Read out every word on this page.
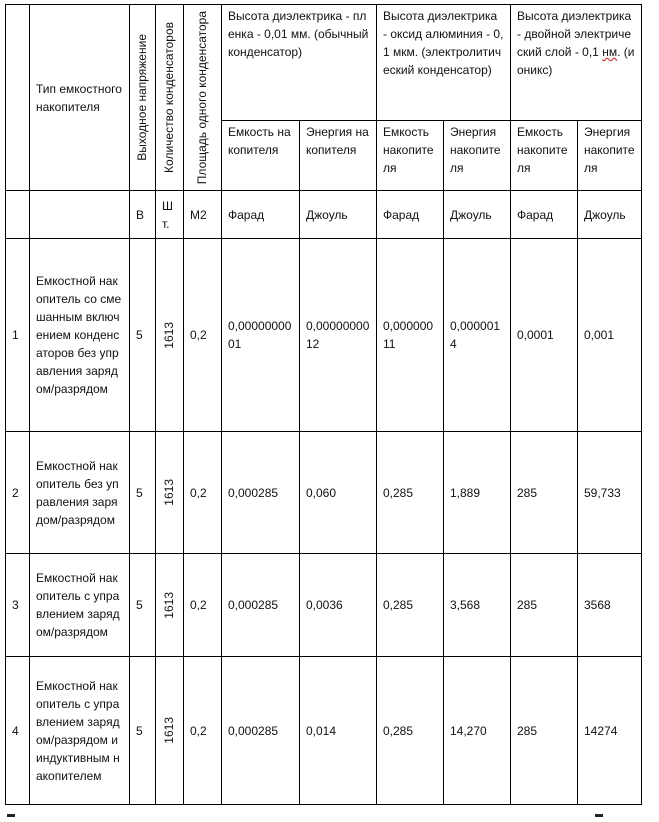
	Тип емкостного накопителя	Выходное напряжение	Количество конденсаторов	Площадь одного конденсатора	Высота диэлектрика - пленка - 0,01 мм. (обычный конденсатор)		Высота диэлектрика - оксид алюминия - 0,1 мкм. (электролитический конденсатор)		Высота диэлектрика - двойной электрический слой - 0,1 нм. (ионикс)	
					Емкость накопителя	Энергия накопителя	Емкость накопителя	Энергия накопителя	Емкость накопителя	Энергия накопителя
		В	Шт.	М2	Фарад	Джоуль	Фарад	Джоуль	Фарад	Джоуль
1	Емкостной накопитель со смешанным включением конденсаторов без управления зарядом/разрядом	5	1613	0,2	0,0000000001	0,0000000012	0,00000011	0,0000014	0,0001	0,001
2	Емкостной накопитель без управления зарядом/разрядом	5	1613	0,2	0,000285	0,060	0,285	1,889	285	59,733
3	Емкостной накопитель с управлением зарядом/разрядом	5	1613	0,2	0,000285	0,0036	0,285	3,568	285	3568
4	Емкостной накопитель с управлением зарядом/разрядом и индуктивным накопителем	5	1613	0,2	0,000285	0,014	0,285	14,270	285	14274
